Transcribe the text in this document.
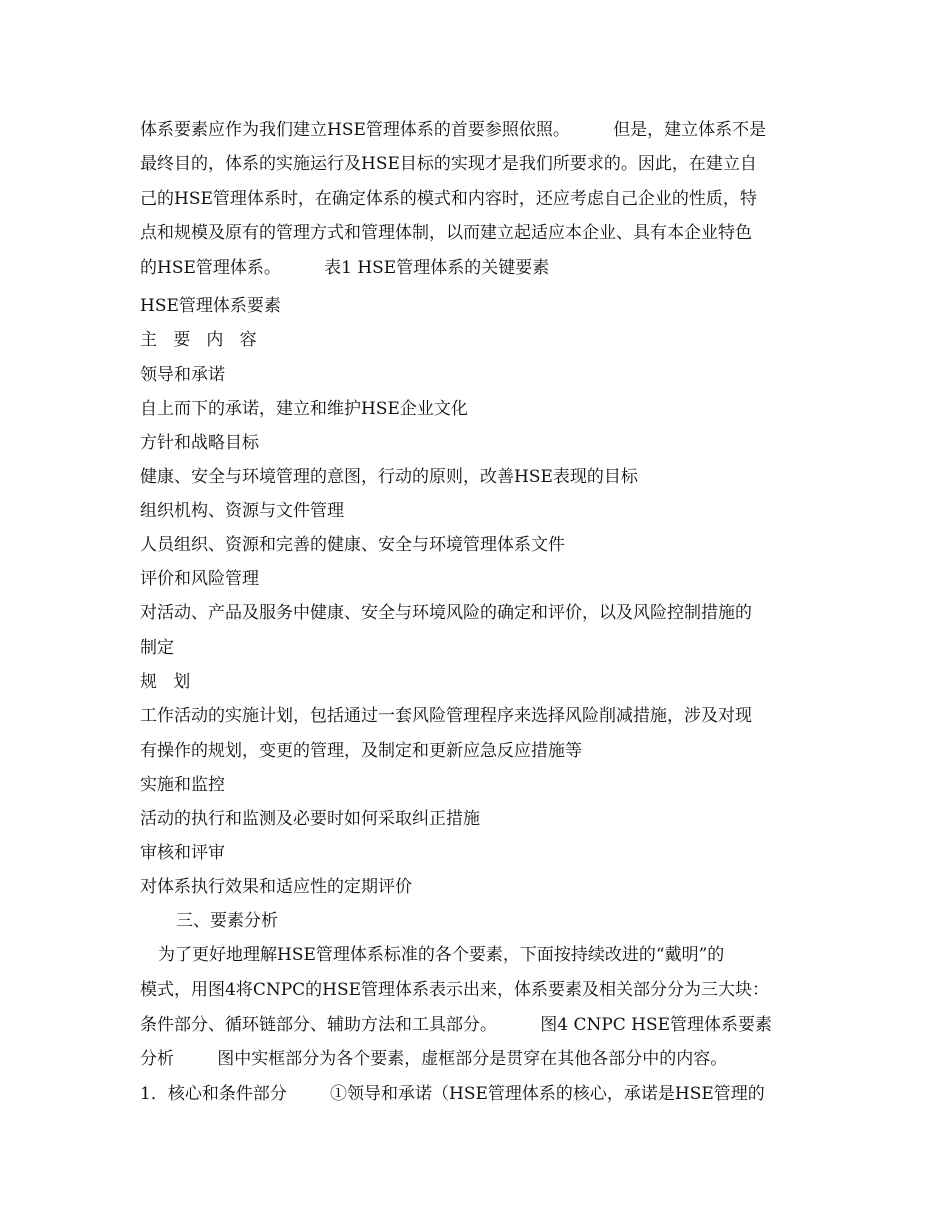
体系要素应作为我们建立HSE管理体系的首要参照依照。        但是，建立体系不是
最终目的，体系的实施运行及HSE目标的实现才是我们所要求的。因此，在建立自
己的HSE管理体系时，在确定体系的模式和内容时，还应考虑自己企业的性质，特
点和规模及原有的管理方式和管理体制，以而建立起适应本企业、具有本企业特色
的HSE管理体系。        表1 HSE管理体系的关键要素
HSE管理体系要素
主   要   内   容
领导和承诺
自上而下的承诺，建立和维护HSE企业文化
方针和战略目标
健康、安全与环境管理的意图，行动的原则，改善HSE表现的目标
组织机构、资源与文件管理
人员组织、资源和完善的健康、安全与环境管理体系文件
评价和风险管理
对活动、产品及服务中健康、安全与环境风险的确定和评价，以及风险控制措施的
制定
规   划
工作活动的实施计划，包括通过一套风险管理程序来选择风险削减措施，涉及对现
有操作的规划，变更的管理，及制定和更新应急反应措施等
实施和监控
活动的执行和监测及必要时如何采取纠正措施
审核和评审
对体系执行效果和适应性的定期评价
三、要素分析
为了更好地理解HSE管理体系标准的各个要素，下面按持续改进的“戴明”的
模式，用图4将CNPC的HSE管理体系表示出来，体系要素及相关部分分为三大块：
条件部分、循环链部分、辅助方法和工具部分。        图4 CNPC HSE管理体系要素
分析        图中实框部分为各个要素，虚框部分是贯穿在其他各部分中的内容。
1．核心和条件部分        ①领导和承诺（HSE管理体系的核心，承诺是HSE管理的
